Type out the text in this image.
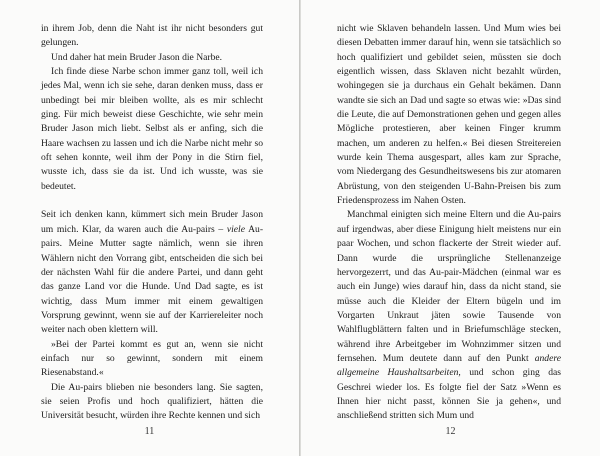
in ihrem Job, denn die Naht ist ihr nicht besonders gut gelungen.

Und daher hat mein Bruder Jason die Narbe.

Ich finde diese Narbe schon immer ganz toll, weil ich jedes Mal, wenn ich sie sehe, daran denken muss, dass er unbedingt bei mir bleiben wollte, als es mir schlecht ging. Für mich beweist diese Geschichte, wie sehr mein Bruder Jason mich liebt. Selbst als er anfing, sich die Haare wachsen zu lassen und ich die Narbe nicht mehr so oft sehen konnte, weil ihm der Pony in die Stirn fiel, wusste ich, dass sie da ist. Und ich wusste, was sie bedeutet.

Seit ich denken kann, kümmert sich mein Bruder Jason um mich. Klar, da waren auch die Au-pairs – viele Au-pairs. Meine Mutter sagte nämlich, wenn sie ihren Wählern nicht den Vorrang gibt, entscheiden die sich bei der nächsten Wahl für die andere Partei, und dann geht das ganze Land vor die Hunde. Und Dad sagte, es ist wichtig, dass Mum immer mit einem gewaltigen Vorsprung gewinnt, wenn sie auf der Karriereleiter noch weiter nach oben klettern will.

»Bei der Partei kommt es gut an, wenn sie nicht einfach nur so gewinnt, sondern mit einem Riesenabstand.«

Die Au-pairs blieben nie besonders lang. Sie sagten, sie seien Profis und hoch qualifiziert, hätten die Universität besucht, würden ihre Rechte kennen und sich

11

nicht wie Sklaven behandeln lassen. Und Mum wies bei diesen Debatten immer darauf hin, wenn sie tatsächlich so hoch qualifiziert und gebildet seien, müssten sie doch eigentlich wissen, dass Sklaven nicht bezahlt würden, wohingegen sie ja durchaus ein Gehalt bekämen. Dann wandte sie sich an Dad und sagte so etwas wie: »Das sind die Leute, die auf Demonstrationen gehen und gegen alles Mögliche protestieren, aber keinen Finger krumm machen, um anderen zu helfen.« Bei diesen Streitereien wurde kein Thema ausgespart, alles kam zur Sprache, vom Niedergang des Gesundheitswesens bis zur atomaren Abrüstung, von den steigenden U-Bahn-Preisen bis zum Friedensprozess im Nahen Osten.

Manchmal einigten sich meine Eltern und die Au-pairs auf irgendwas, aber diese Einigung hielt meistens nur ein paar Wochen, und schon flackerte der Streit wieder auf. Dann wurde die ursprüngliche Stellenanzeige hervorgezerrt, und das Au-pair-Mädchen (einmal war es auch ein Junge) wies darauf hin, dass da nicht stand, sie müsse auch die Kleider der Eltern bügeln und im Vorgarten Unkraut jäten sowie Tausende von Wahlflugblättern falten und in Briefumschläge stecken, während ihre Arbeitgeber im Wohnzimmer sitzen und fernsehen. Mum deutete dann auf den Punkt andere allgemeine Haushaltsarbeiten, und schon ging das Geschrei wieder los. Es folgte fiel der Satz »Wenn es Ihnen hier nicht passt, können Sie ja gehen«, und anschließend stritten sich Mum und

12
